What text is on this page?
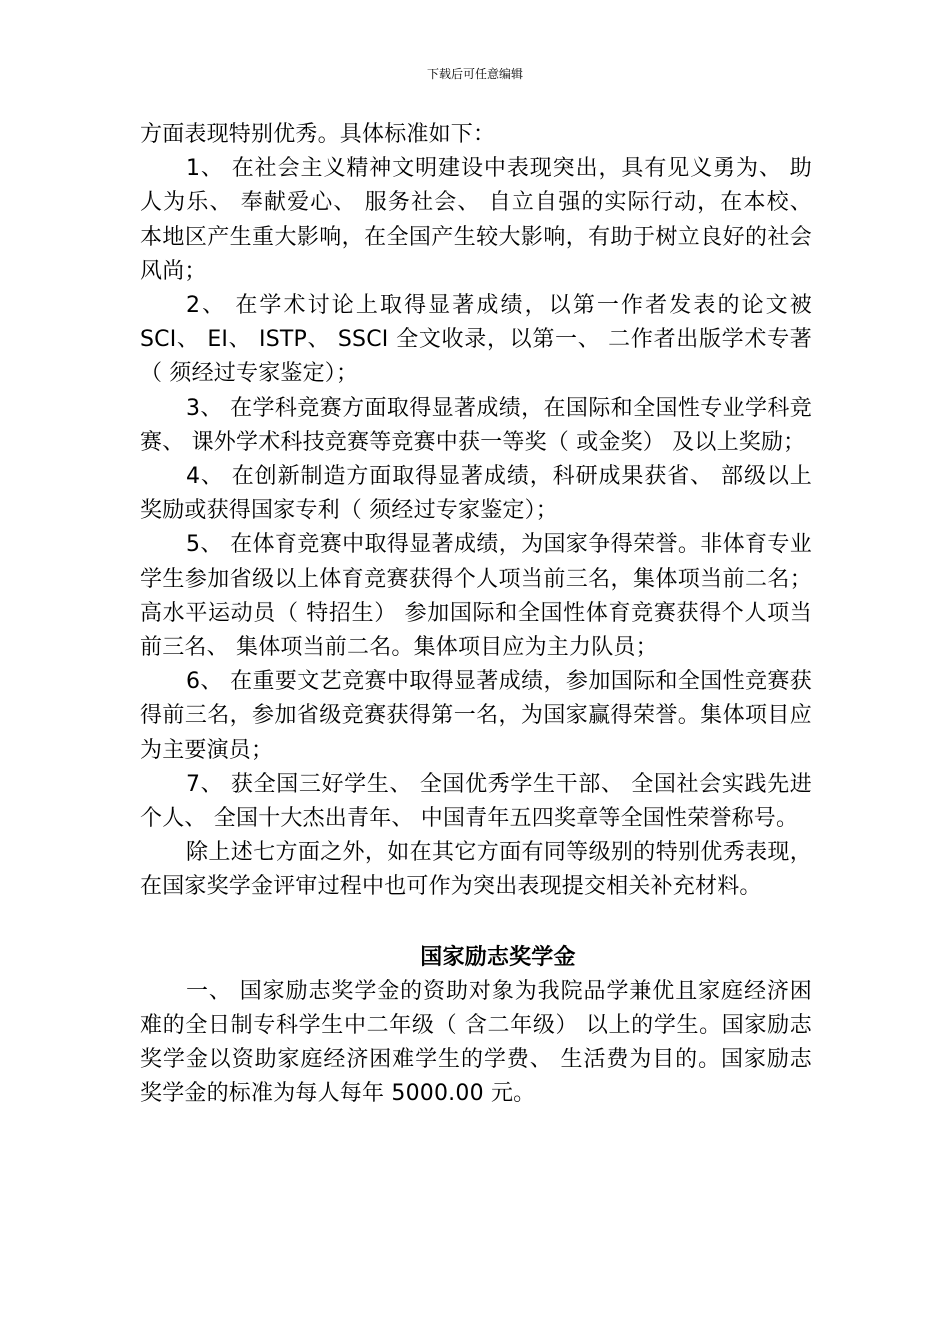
下载后可任意编辑

方面表现特别优秀。具体标准如下：

1、 在社会主义精神文明建设中表现突出，具有见义勇为、 助人为乐、 奉献爱心、 服务社会、 自立自强的实际行动，在本校、 本地区产生重大影响，在全国产生较大影响，有助于树立良好的社会风尚；

2、 在学术讨论上取得显著成绩，以第一作者发表的论文被 SCI、 EI、 ISTP、 SSCI 全文收录，以第一、 二作者出版学术专著（ 须经过专家鉴定）；

3、 在学科竞赛方面取得显著成绩，在国际和全国性专业学科竞赛、 课外学术科技竞赛等竞赛中获一等奖（ 或金奖） 及以上奖励；

4、 在创新制造方面取得显著成绩，科研成果获省、 部级以上奖励或获得国家专利（ 须经过专家鉴定）；

5、 在体育竞赛中取得显著成绩，为国家争得荣誉。非体育专业学生参加省级以上体育竞赛获得个人项当前三名，集体项当前二名；高水平运动员（ 特招生） 参加国际和全国性体育竞赛获得个人项当前三名、 集体项当前二名。集体项目应为主力队员；

6、 在重要文艺竞赛中取得显著成绩，参加国际和全国性竞赛获得前三名，参加省级竞赛获得第一名，为国家赢得荣誉。集体项目应为主要演员；

7、 获全国三好学生、 全国优秀学生干部、 全国社会实践先进个人、 全国十大杰出青年、 中国青年五四奖章等全国性荣誉称号。

除上述七方面之外，如在其它方面有同等级别的特别优秀表现，在国家奖学金评审过程中也可作为突出表现提交相关补充材料。

国家励志奖学金

一、 国家励志奖学金的资助对象为我院品学兼优且家庭经济困难的全日制专科学生中二年级（ 含二年级） 以上的学生。国家励志奖学金以资助家庭经济困难学生的学费、 生活费为目的。国家励志奖学金的标准为每人每年 5000.00 元。
